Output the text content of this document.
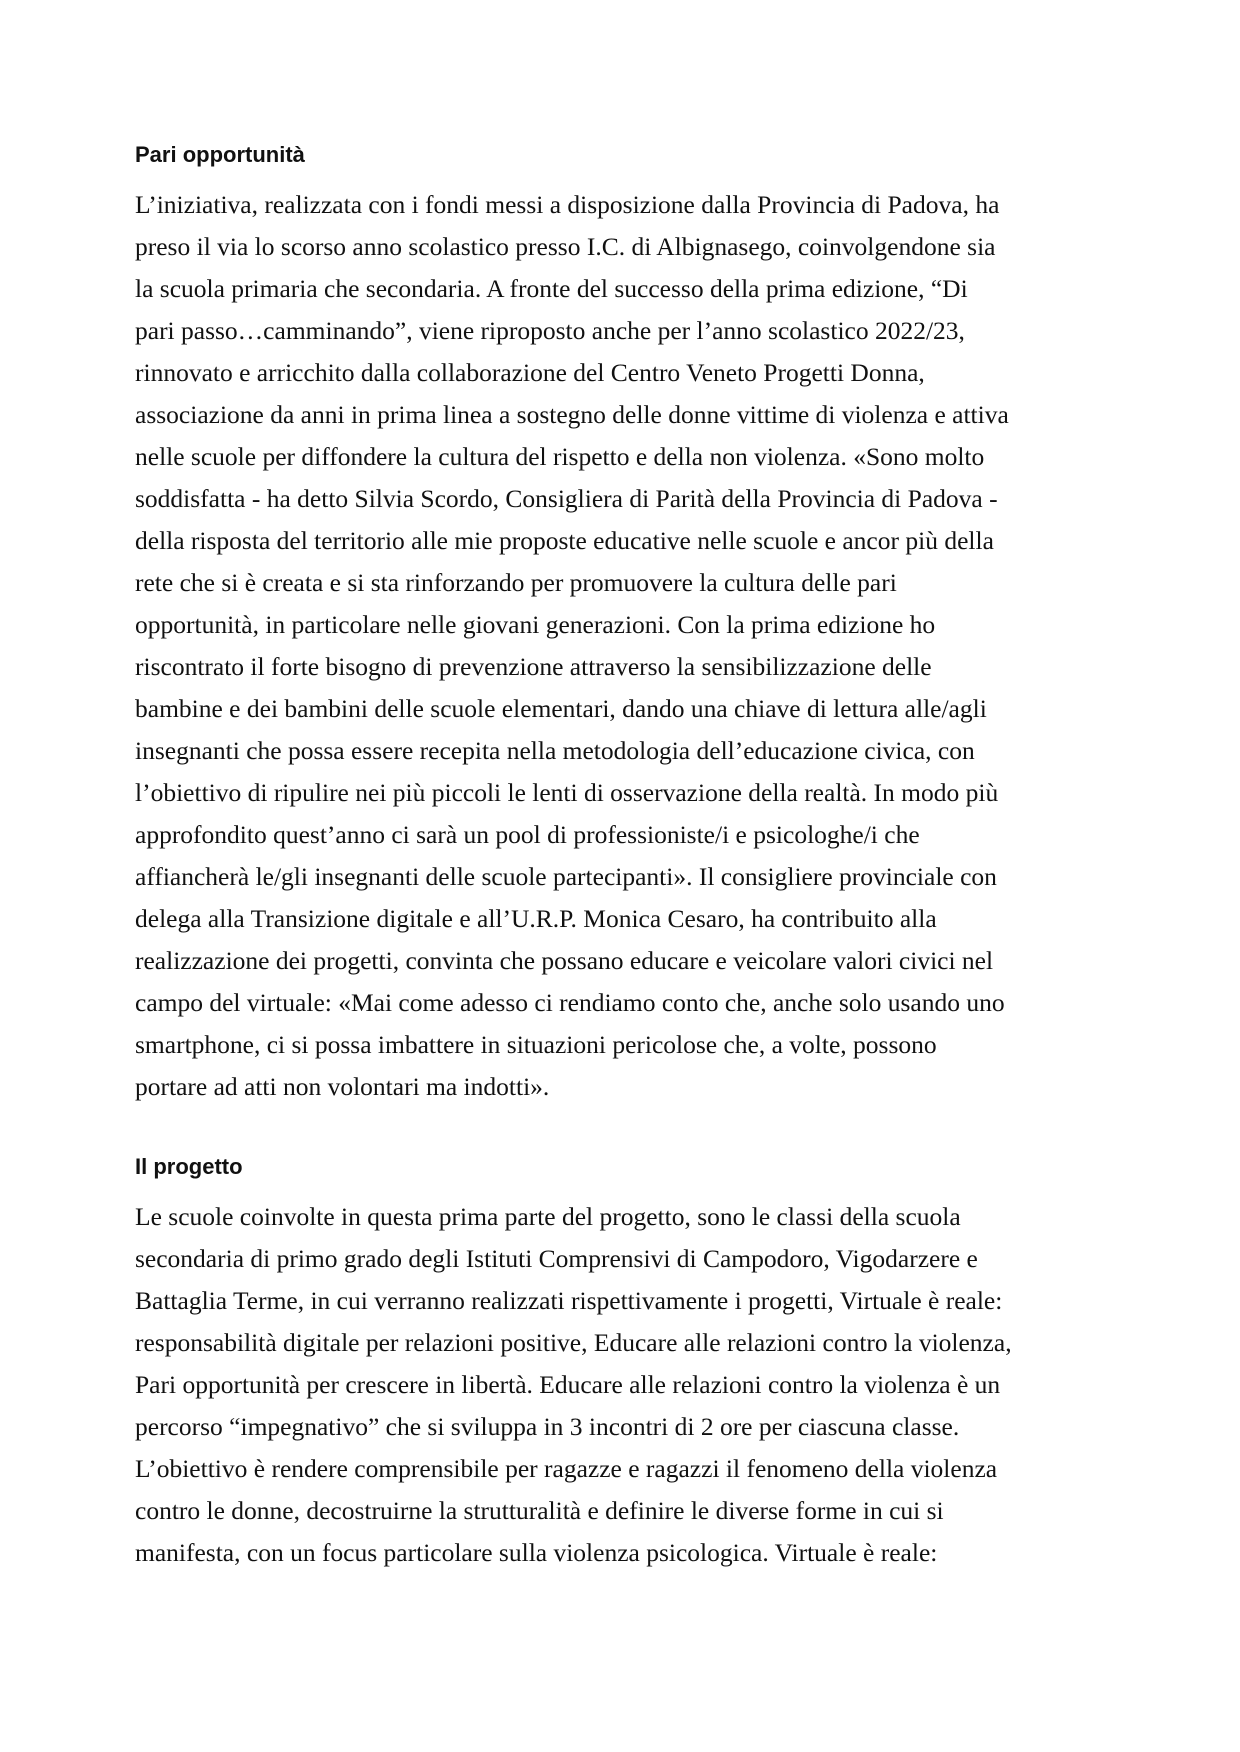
Pari opportunità

L’iniziativa, realizzata con i fondi messi a disposizione dalla Provincia di Padova, ha
preso il via lo scorso anno scolastico presso I.C. di Albignasego, coinvolgendone sia
la scuola primaria che secondaria. A fronte del successo della prima edizione, “Di
pari passo…camminando”, viene riproposto anche per l’anno scolastico 2022/23,
rinnovato e arricchito dalla collaborazione del Centro Veneto Progetti Donna,
associazione da anni in prima linea a sostegno delle donne vittime di violenza e attiva
nelle scuole per diffondere la cultura del rispetto e della non violenza. «Sono molto
soddisfatta - ha detto Silvia Scordo, Consigliera di Parità della Provincia di Padova -
della risposta del territorio alle mie proposte educative nelle scuole e ancor più della
rete che si è creata e si sta rinforzando per promuovere la cultura delle pari
opportunità, in particolare nelle giovani generazioni. Con la prima edizione ho
riscontrato il forte bisogno di prevenzione attraverso la sensibilizzazione delle
bambine e dei bambini delle scuole elementari, dando una chiave di lettura alle/agli
insegnanti che possa essere recepita nella metodologia dell’educazione civica, con
l’obiettivo di ripulire nei più piccoli le lenti di osservazione della realtà. In modo più
approfondito quest’anno ci sarà un pool di professioniste/i e psicologhe/i che
affiancherà le/gli insegnanti delle scuole partecipanti». Il consigliere provinciale con
delega alla Transizione digitale e all’U.R.P. Monica Cesaro, ha contribuito alla
realizzazione dei progetti, convinta che possano educare e veicolare valori civici nel
campo del virtuale: «Mai come adesso ci rendiamo conto che, anche solo usando uno
smartphone, ci si possa imbattere in situazioni pericolose che, a volte, possono
portare ad atti non volontari ma indotti».

Il progetto

Le scuole coinvolte in questa prima parte del progetto, sono le classi della scuola
secondaria di primo grado degli Istituti Comprensivi di Campodoro, Vigodarzere e
Battaglia Terme, in cui verranno realizzati rispettivamente i progetti, Virtuale è reale:
responsabilità digitale per relazioni positive, Educare alle relazioni contro la violenza,
Pari opportunità per crescere in libertà. Educare alle relazioni contro la violenza è un
percorso “impegnativo” che si sviluppa in 3 incontri di 2 ore per ciascuna classe.
L’obiettivo è rendere comprensibile per ragazze e ragazzi il fenomeno della violenza
contro le donne, decostruirne la strutturalità e definire le diverse forme in cui si
manifesta, con un focus particolare sulla violenza psicologica. Virtuale è reale:
